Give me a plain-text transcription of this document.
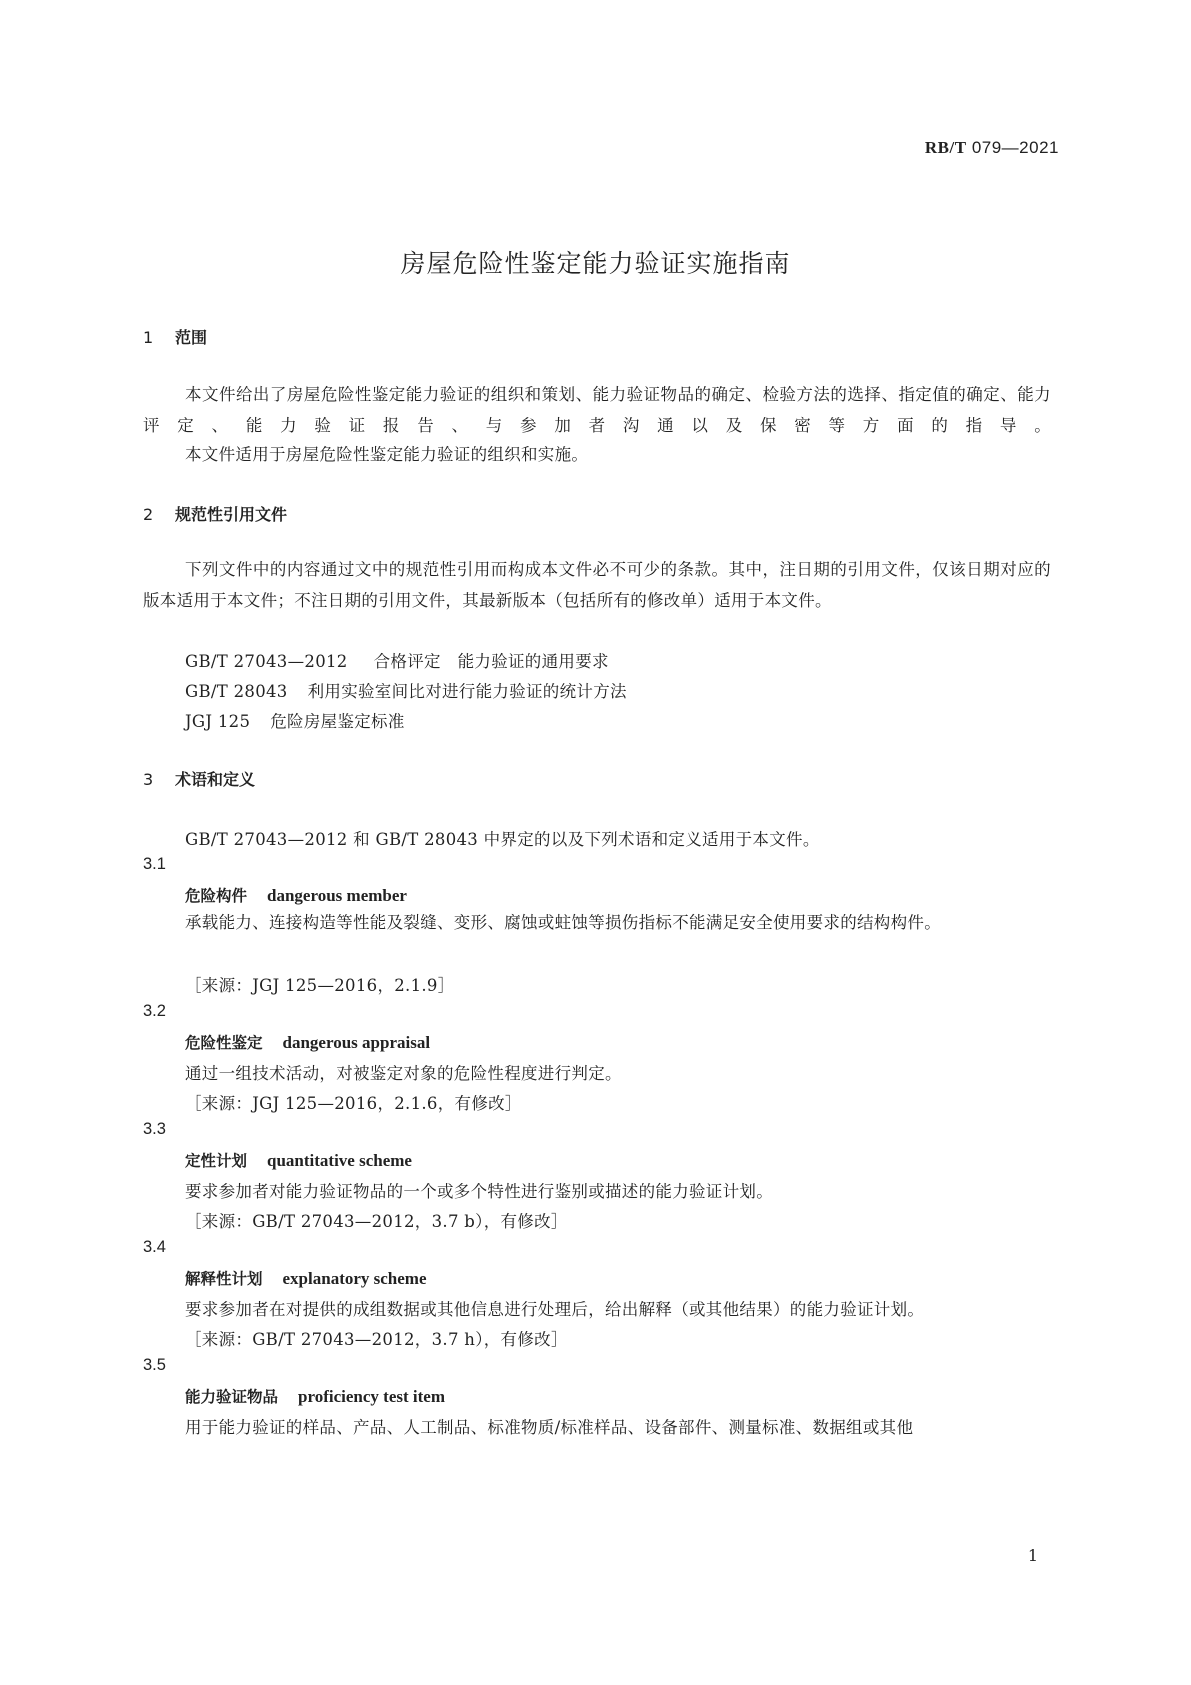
RB/T 079—2021
房屋危险性鉴定能力验证实施指南
1 范围
本文件给出了房屋危险性鉴定能力验证的组织和策划、能力验证物品的确定、检验方法的选择、指定值的确定、能力评定、能力验证报告、与参加者沟通以及保密等方面的指导。
本文件适用于房屋危险性鉴定能力验证的组织和实施。
2 规范性引用文件
下列文件中的内容通过文中的规范性引用而构成本文件必不可少的条款。其中，注日期的引用文件，仅该日期对应的版本适用于本文件；不注日期的引用文件，其最新版本（包括所有的修改单）适用于本文件。
GB/T 27043—2012 合格评定　能力验证的通用要求
GB/T 28043 利用实验室间比对进行能力验证的统计方法
JGJ 125 危险房屋鉴定标准
3 术语和定义
GB/T 27043—2012 和 GB/T 28043 中界定的以及下列术语和定义适用于本文件。
3.1
危险构件 dangerous member
承载能力、连接构造等性能及裂缝、变形、腐蚀或蛀蚀等损伤指标不能满足安全使用要求的结构构件。
［来源：JGJ 125—2016，2.1.9］
3.2
危险性鉴定 dangerous appraisal
通过一组技术活动，对被鉴定对象的危险性程度进行判定。
［来源：JGJ 125—2016，2.1.6，有修改］
3.3
定性计划 quantitative scheme
要求参加者对能力验证物品的一个或多个特性进行鉴别或描述的能力验证计划。
［来源：GB/T 27043—2012，3.7 b），有修改］
3.4
解释性计划 explanatory scheme
要求参加者在对提供的成组数据或其他信息进行处理后，给出解释（或其他结果）的能力验证计划。
［来源：GB/T 27043—2012，3.7 h），有修改］
3.5
能力验证物品 proficiency test item
用于能力验证的样品、产品、人工制品、标准物质/标准样品、设备部件、测量标准、数据组或其他
1
